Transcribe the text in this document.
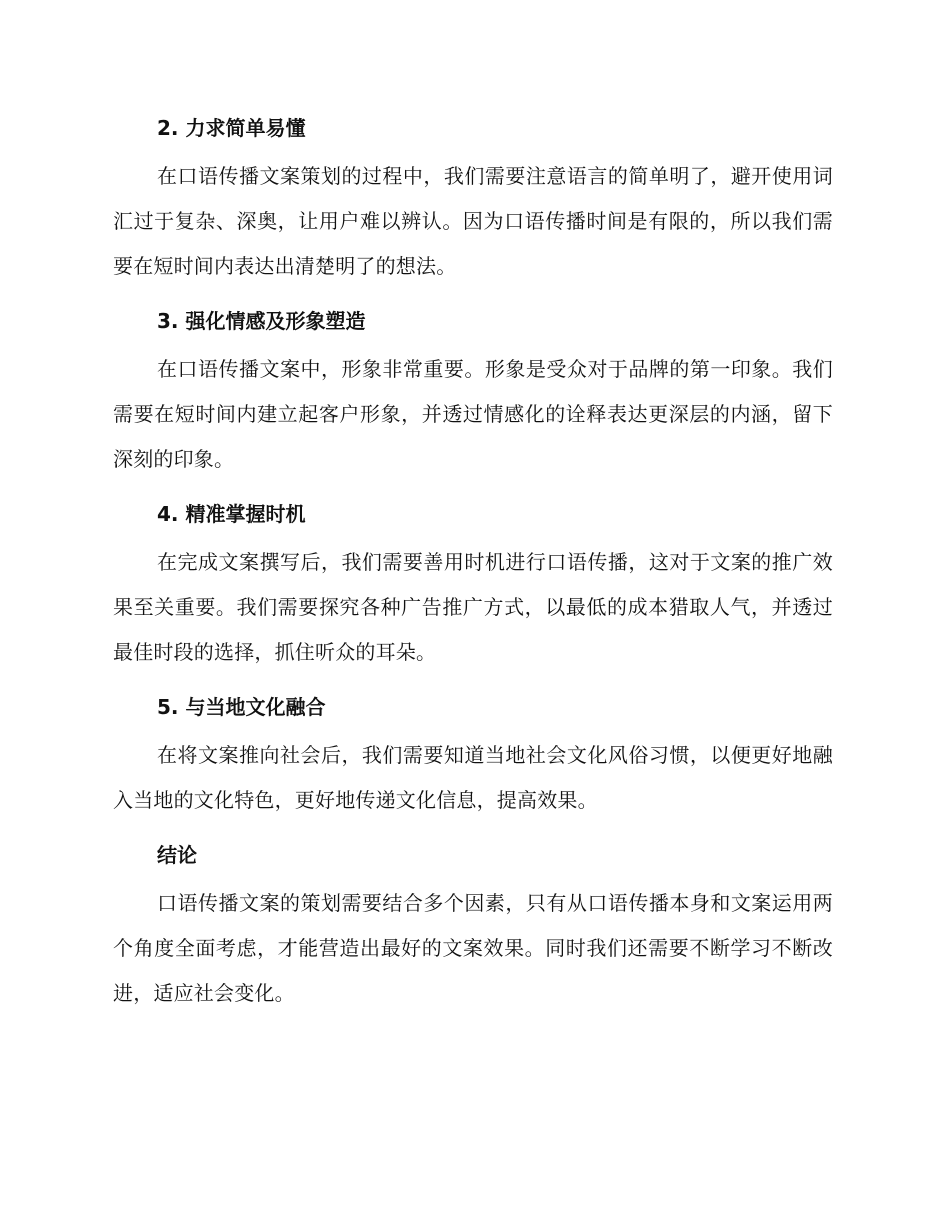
2. 力求简单易懂

在口语传播文案策划的过程中，我们需要注意语言的简单明了，避开使用词汇过于复杂、深奥，让用户难以辨认。因为口语传播时间是有限的，所以我们需要在短时间内表达出清楚明了的想法。

3. 强化情感及形象塑造

在口语传播文案中，形象非常重要。形象是受众对于品牌的第一印象。我们需要在短时间内建立起客户形象，并透过情感化的诠释表达更深层的内涵，留下深刻的印象。

4. 精准掌握时机

在完成文案撰写后，我们需要善用时机进行口语传播，这对于文案的推广效果至关重要。我们需要探究各种广告推广方式，以最低的成本猎取人气，并透过最佳时段的选择，抓住听众的耳朵。

5. 与当地文化融合

在将文案推向社会后，我们需要知道当地社会文化风俗习惯，以便更好地融入当地的文化特色，更好地传递文化信息，提高效果。

结论

口语传播文案的策划需要结合多个因素，只有从口语传播本身和文案运用两个角度全面考虑，才能营造出最好的文案效果。同时我们还需要不断学习不断改进，适应社会变化。
